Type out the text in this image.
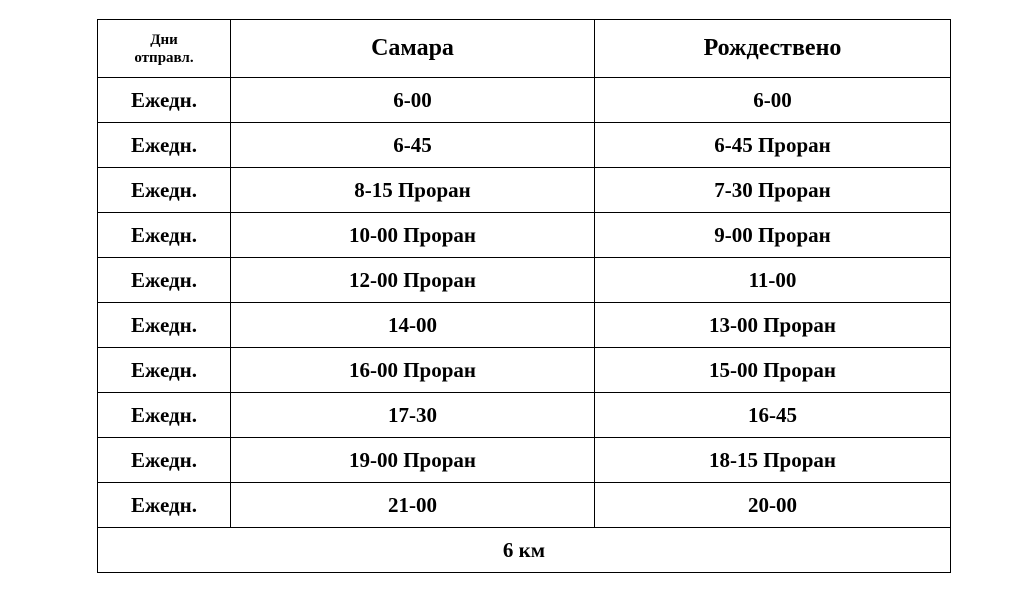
Дни
отправл.	Самара	Рождествено
Ежедн.	6-00	6-00
Ежедн.	6-45	6-45 Проран
Ежедн.	8-15 Проран	7-30 Проран
Ежедн.	10-00 Проран	9-00 Проран
Ежедн.	12-00 Проран	11-00
Ежедн.	14-00	13-00 Проран
Ежедн.	16-00 Проран	15-00 Проран
Ежедн.	17-30	16-45
Ежедн.	19-00 Проран	18-15 Проран
Ежедн.	21-00	20-00
6 км		
